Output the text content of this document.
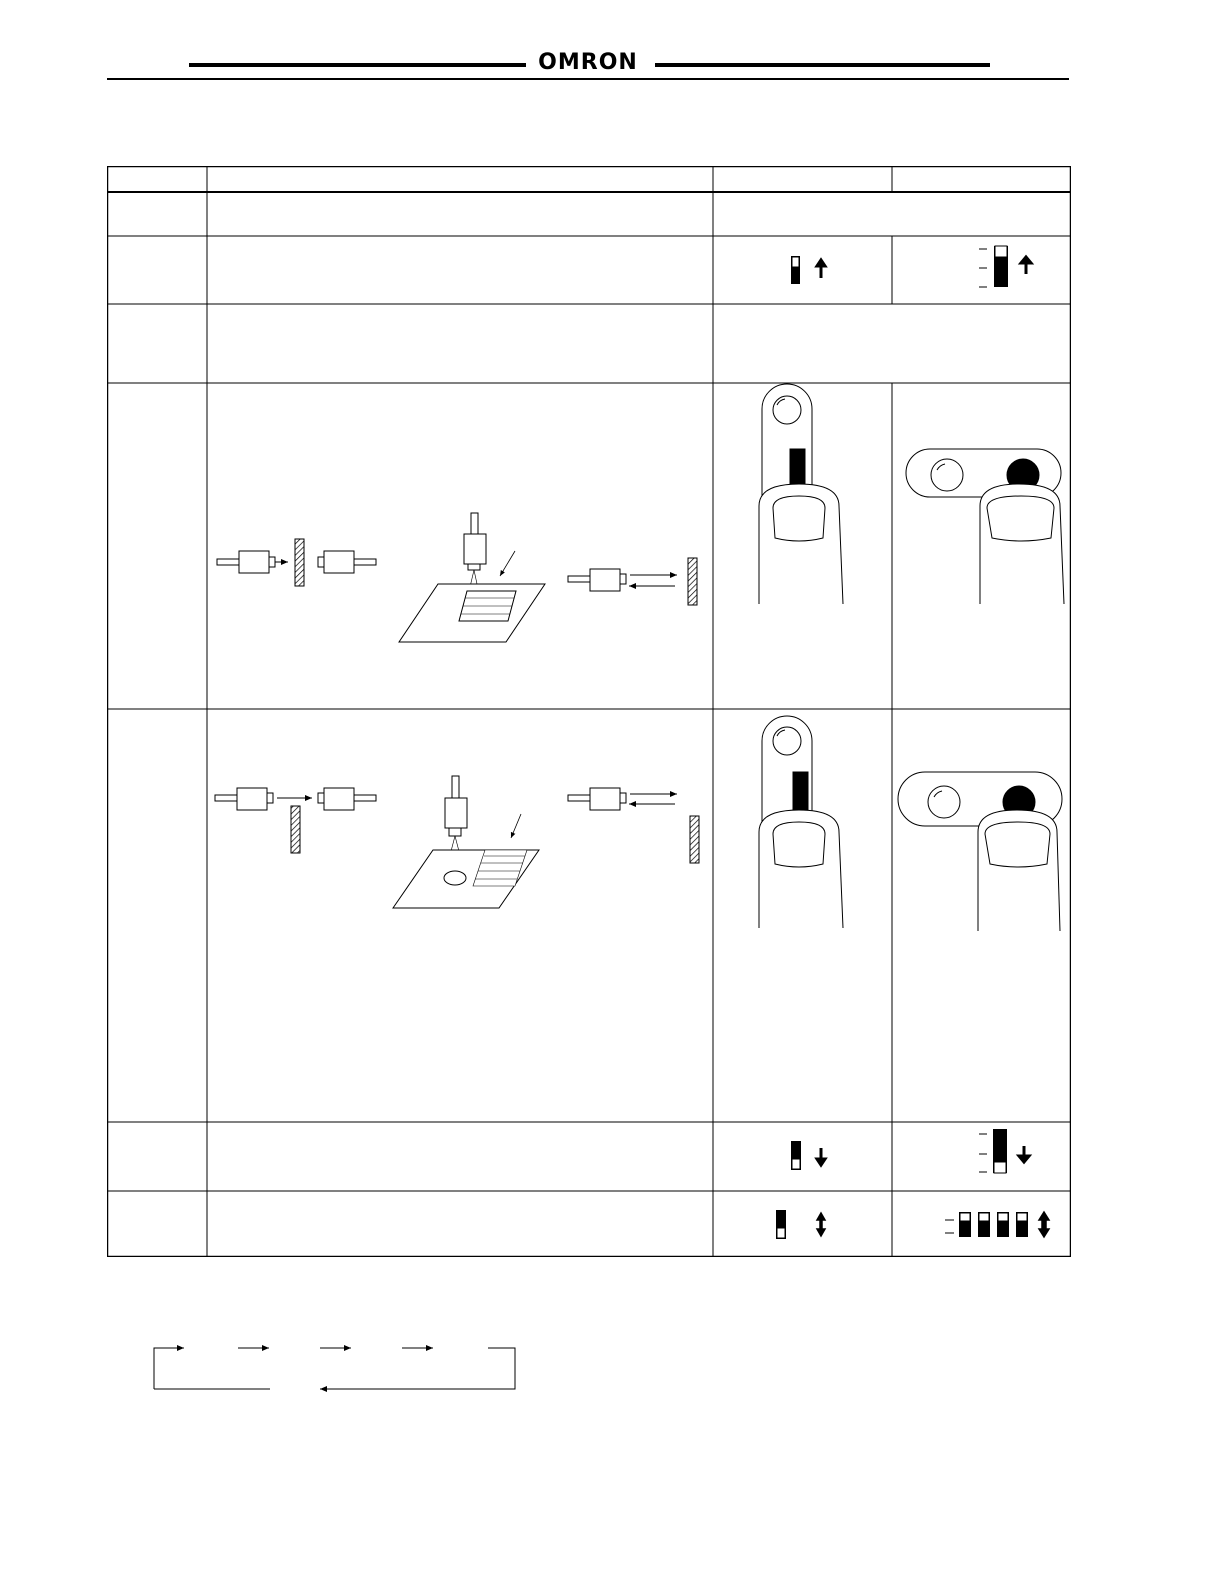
OMRON
